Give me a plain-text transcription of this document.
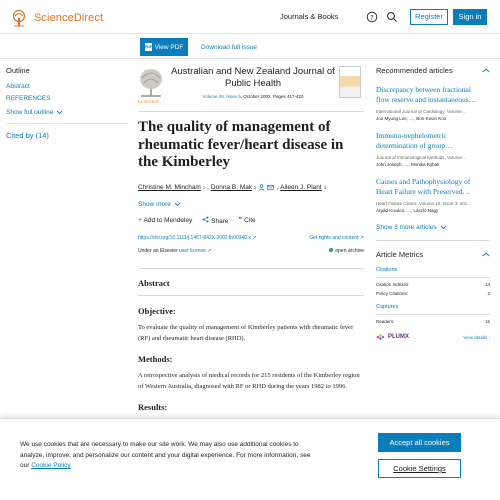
ScienceDirect	Journals & Books	?	Register	Sign in
PDF View PDF	Download full issue
Outline
Abstract
REFERENCES
Show full outline
Cited by (14)
ELSEVIER
Australian and New Zealand Journal of Public Health
Volume 26, Issue 5, October 2002, Pages 417-420
The quality of management of rheumatic fever/heart disease in the Kimberley
Christine M. Mincham 1 , Donna B. Mak 2	, Aileen J. Plant 3
Show more
+ Add to Mendeley	Share ❞ Cite
https://doi.org/10.1111/j.1467-842X.2002.tb00340.x ↗	Get rights and content ↗
Under an Elsevier user license ↗	open archive
Abstract
Objective:

To evaluate the quality of management of Kimberley patients with rheumatic fever (RF) and rheumatic heart disease (RHD).

Methods:

A retrospective analysis of medical records for 215 residents of the Kimberley region of Western Australia, diagnosed with RF or RHD during the years 1982 to 1996.

Results:
Recommended articles
Discrepancy between fractional
flow reserve and instantaneous…
International Journal of Cardiology, Volume…
Joo Myung Lee, …, Bon-Kwon Koo
Immuno-nephelometric
determination of group…
Journal of Immunological Methods, Volume…
John Joseph, …, Monika Rybak
Causes and Pathophysiology of
Heart Failure with Preserved…
Heart Failure Clinics, Volume 10, Issue 3, 201…
Árpád Kovács, …, László Nagy
Show 3 more articles
Article Metrics
Citations
Citation Indexes:	14
Policy Citations:	2
Captures
Readers:	16
PLUMX	View details ›

We use cookies that are necessary to make our site work. We may also use additional cookies to analyze, improve, and personalize our content and your digital experience. For more information, see our Cookie Policy

Accept all cookies
Cookie Settings
